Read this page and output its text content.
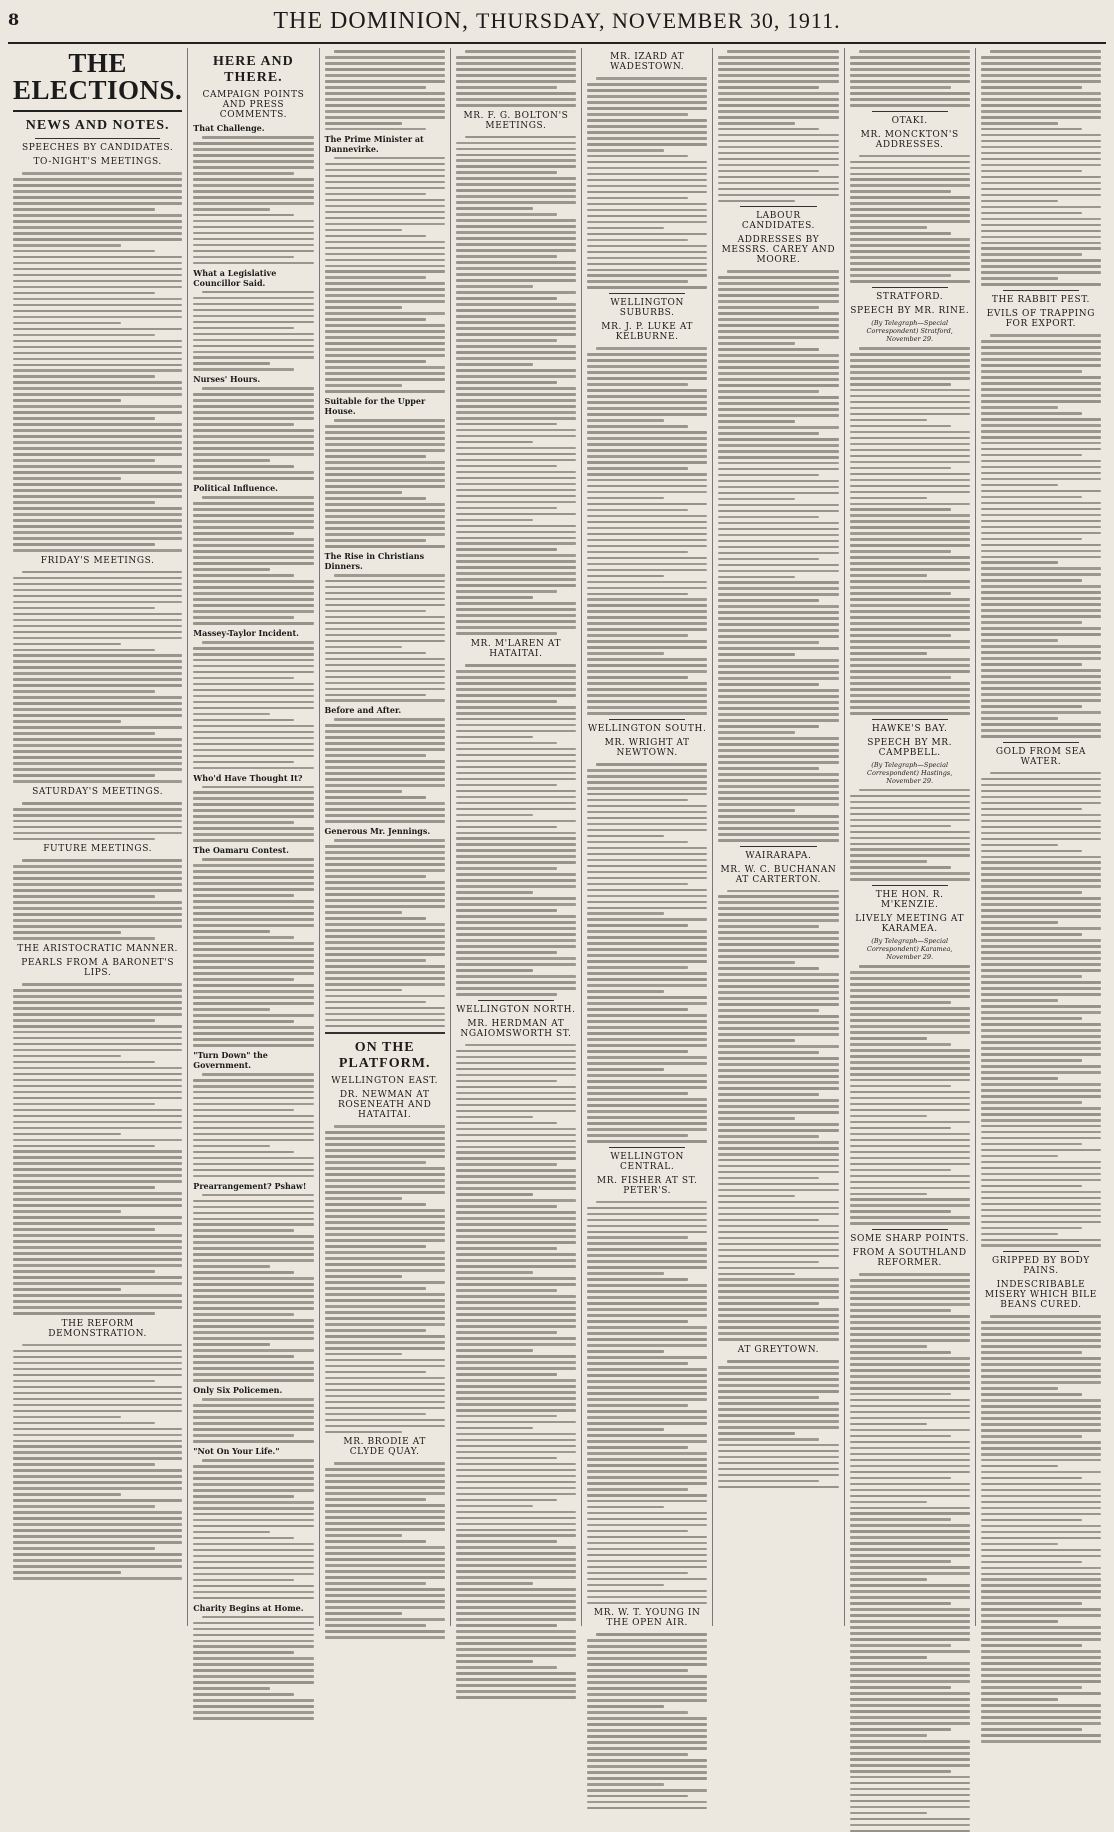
8	THE DOMINION, THURSDAY, NOVEMBER 30, 1911.
THE ELECTIONS.
NEWS AND NOTES.
SPEECHES BY CANDIDATES.
TO-NIGHT'S MEETINGS.
FRIDAY'S MEETINGS.
SATURDAY'S MEETINGS.
FUTURE MEETINGS.
THE ARISTOCRATIC MANNER.
PEARLS FROM A BARONET'S LIPS.
THE REFORM DEMONSTRATION.
HERE AND THERE.
CAMPAIGN POINTS AND PRESS COMMENTS.
That Challenge.
What a Legislative Councillor Said.
Nurses' Hours.
Political Influence.
Massey-Taylor Incident.
Who'd Have Thought It?
The Oamaru Contest.
"Turn Down" the Government.
Prearrangement? Pshaw!
Only Six Policemen.
"Not On Your Life."
Charity Begins at Home.
The Prime Minister at Dannevirke.
Suitable for the Upper House.
The Rise in Christians Dinners.
Before and After.
Generous Mr. Jennings.
ON THE PLATFORM.
WELLINGTON EAST.
DR. NEWMAN AT ROSENEATH AND HATAITAI.
MR. BRODIE AT CLYDE QUAY.
MR. F. G. BOLTON'S MEETINGS.
MR. M'LAREN AT HATAITAI.
WELLINGTON NORTH.
MR. HERDMAN AT NGAIOMSWORTH ST.
MR. IZARD AT WADESTOWN.
WELLINGTON SUBURBS.
MR. J. P. LUKE AT KELBURNE.
WELLINGTON SOUTH.
MR. WRIGHT AT NEWTOWN.
WELLINGTON CENTRAL.
MR. FISHER AT ST. PETER'S.
MR. W. T. YOUNG IN THE OPEN AIR.
LABOUR CANDIDATES.
ADDRESSES BY MESSRS. CAREY AND MOORE.
WAIRARAPA.
MR. W. C. BUCHANAN AT CARTERTON.
AT GREYTOWN.
OTAKI.
MR. MONCKTON'S ADDRESSES.
STRATFORD.
SPEECH BY MR. RINE.
(By Telegraph—Special Correspondent) Stratford, November 29.
HAWKE'S BAY.
SPEECH BY MR. CAMPBELL.
(By Telegraph—Special Correspondent) Hastings, November 29.
THE HON. R. M'KENZIE.
LIVELY MEETING AT KARAMEA.
(By Telegraph—Special Correspondent) Karamea, November 29.
SOME SHARP POINTS.
FROM A SOUTHLAND REFORMER.
THE RABBIT PEST.
EVILS OF TRAPPING FOR EXPORT.
GOLD FROM SEA WATER.
GRIPPED BY BODY PAINS.
INDESCRIBABLE MISERY WHICH BILE BEANS CURED.
